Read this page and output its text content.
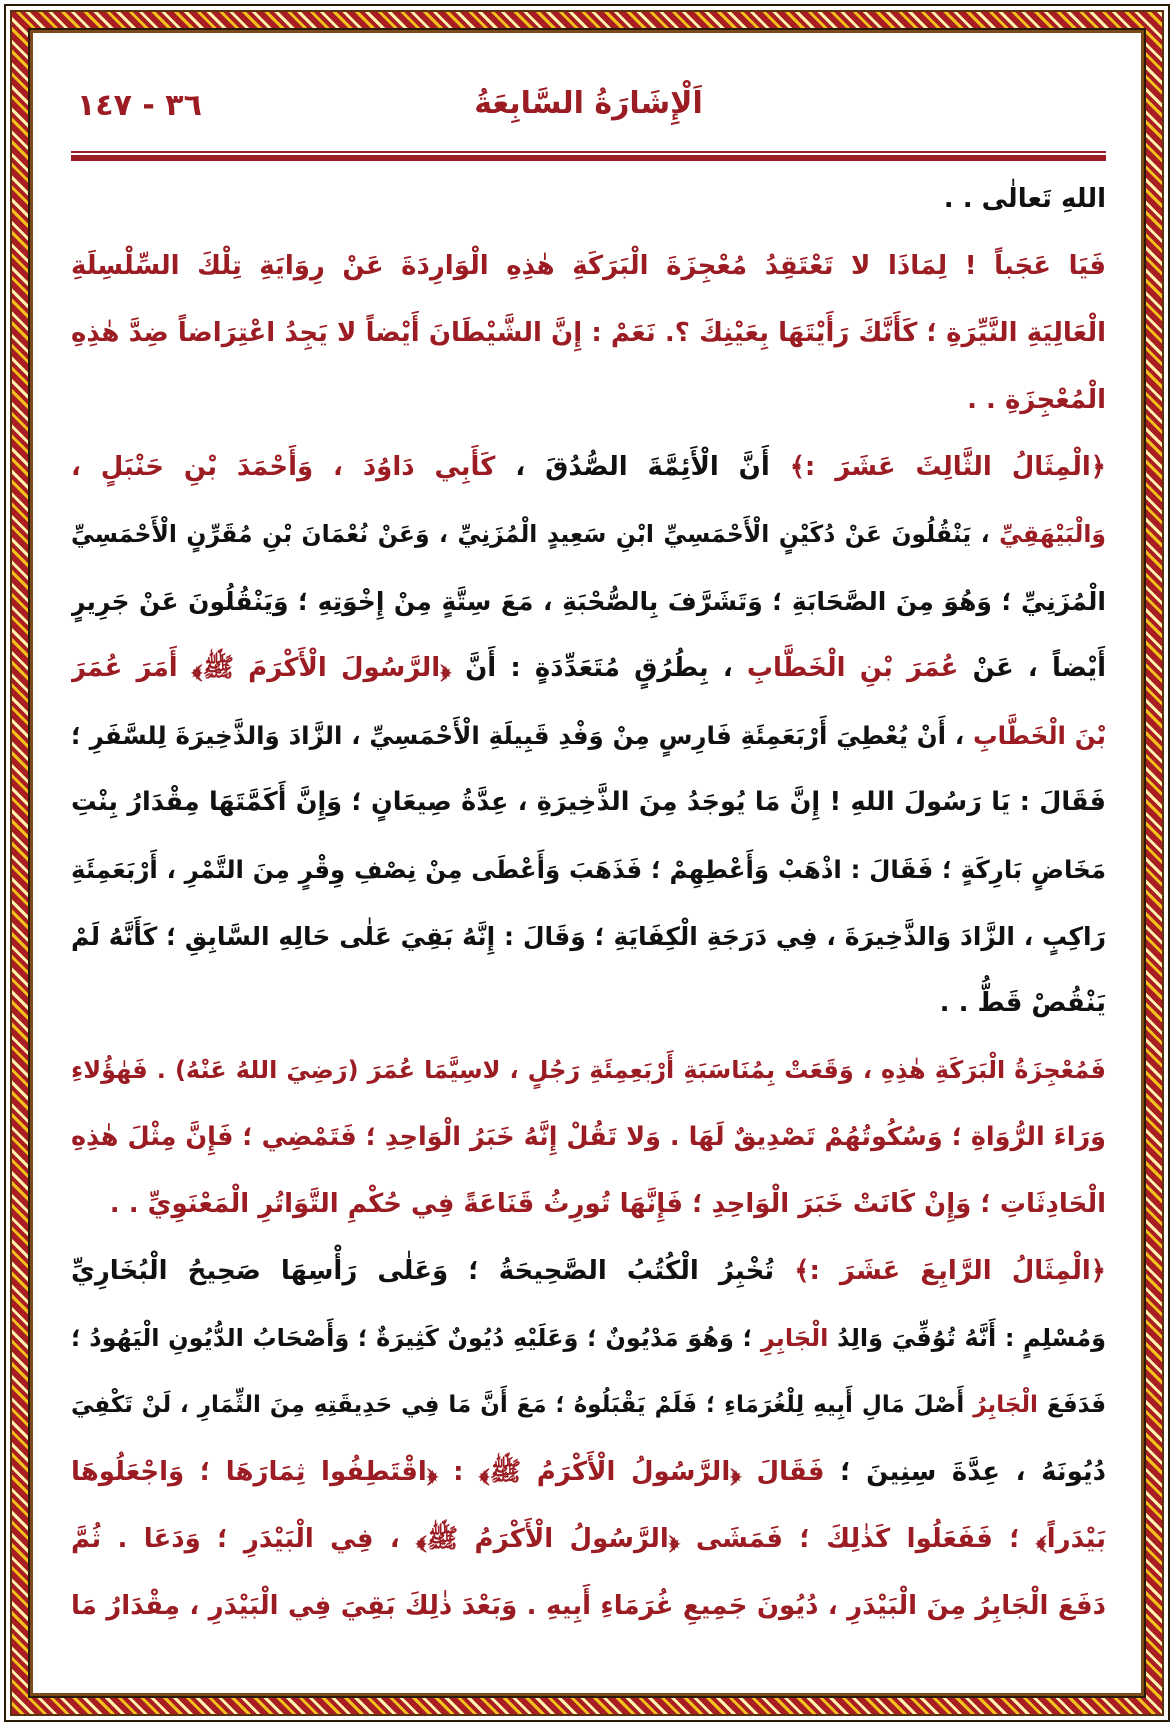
اَلْإِشَارَةُ السَّابِعَةُ
٣٦ - ١٤٧
اللهِ تَعالٰى . .
فَيَا عَجَباً ! لِمَاذَا لا تَعْتَقِدُ مُعْجِزَةَ الْبَرَكَةِ هٰذِهِ الْوَارِدَةَ عَنْ رِوَايَةِ تِلْكَ السِّلْسِلَةِ
الْعَالِيَةِ النَّيِّرَةِ ؛ كَأَنَّكَ رَأَيْتَهَا بِعَيْنِكَ ؟. نَعَمْ : إِنَّ الشَّيْطَانَ أَيْضاً لا يَجِدُ اعْتِرَاضاً ضِدَّ هٰذِهِ
الْمُعْجِزَةِ . .
﴿الْمِثَالُ الثَّالِثَ عَشَرَ :﴾ أَنَّ الْأَئِمَّةَ الصُّدُقَ ، كَأَبِي دَاوُدَ ، وَأَحْمَدَ بْنِ حَنْبَلٍ ،
وَالْبَيْهَقِيِّ ، يَنْقُلُونَ عَنْ دُكَيْنٍ الْأَحْمَسِيِّ ابْنِ سَعِيدٍ الْمُزَنِيِّ ، وَعَنْ نُعْمَانَ بْنِ مُقَرِّنٍ الْأَحْمَسِيِّ
الْمُزَنِيِّ ؛ وَهُوَ مِنَ الصَّحَابَةِ ؛ وَتَشَرَّفَ بِالصُّحْبَةِ ، مَعَ سِتَّةٍ مِنْ إِخْوَتِهِ ؛ وَيَنْقُلُونَ عَنْ جَرِيرٍ
أَيْضاً ، عَنْ عُمَرَ بْنِ الْخَطَّابِ ، بِطُرُقٍ مُتَعَدِّدَةٍ : أَنَّ ﴿الرَّسُولَ الْأَكْرَمَ ﷺ﴾ أَمَرَ عُمَرَ
بْنَ الْخَطَّابِ ، أَنْ يُعْطِيَ أَرْبَعَمِئَةِ فَارِسٍ مِنْ وَفْدِ قَبِيلَةِ الْأَحْمَسِيِّ ، الزَّادَ وَالذَّخِيرَةَ لِلسَّفَرِ ؛
فَقَالَ : يَا رَسُولَ اللهِ ! إِنَّ مَا يُوجَدُ مِنَ الذَّخِيرَةِ ، عِدَّةُ صِيعَانٍ ؛ وَإِنَّ أَكَمَّتَهَا مِقْدَارُ بِنْتِ
مَخَاضٍ بَارِكَةٍ ؛ فَقَالَ : اذْهَبْ وَأَعْطِهِمْ ؛ فَذَهَبَ وَأَعْطَى مِنْ نِصْفِ وِقْرٍ مِنَ التَّمْرِ ، أَرْبَعَمِئَةِ
رَاكِبٍ ، الزَّادَ وَالذَّخِيرَةَ ، فِي دَرَجَةِ الْكِفَايَةِ ؛ وَقَالَ : إِنَّهُ بَقِيَ عَلٰى حَالِهِ السَّابِقِ ؛ كَأَنَّهُ لَمْ
يَنْقُصْ قَطُّ . .
فَمُعْجِزَةُ الْبَرَكَةِ هٰذِهِ ، وَقَعَتْ بِمُنَاسَبَةِ أَرْبَعِمِئَةِ رَجُلٍ ، لاسِيَّمَا عُمَرَ (رَضِيَ اللهُ عَنْهُ) . فَهٰؤُلاءِ
وَرَاءَ الرُّوَاةِ ؛ وَسُكُوتُهُمْ تَصْدِيقٌ لَهَا . وَلا تَقُلْ إِنَّهُ خَبَرُ الْوَاحِدِ ؛ فَتَمْضِي ؛ فَإِنَّ مِثْلَ هٰذِهِ
الْحَادِثَاتِ ؛ وَإِنْ كَانَتْ خَبَرَ الْوَاحِدِ ؛ فَإِنَّهَا تُورِثُ قَنَاعَةً فِي حُكْمِ التَّوَاتُرِ الْمَعْنَوِيِّ . .
﴿الْمِثَالُ الرَّابِعَ عَشَرَ :﴾ تُخْبِرُ الْكُتُبُ الصَّحِيحَةُ ؛ وَعَلٰى رَأْسِهَا صَحِيحُ الْبُخَارِيِّ
وَمُسْلِمٍ : أَنَّهُ تُوُفِّيَ وَالِدُ الْجَابِرِ ؛ وَهُوَ مَدْيُونٌ ؛ وَعَلَيْهِ دُيُونٌ كَثِيرَةٌ ؛ وَأَصْحَابُ الدُّيُونِ الْيَهُودُ ؛
فَدَفَعَ الْجَابِرُ أَصْلَ مَالِ أَبِيهِ لِلْغُرَمَاءِ ؛ فَلَمْ يَقْبَلُوهُ ؛ مَعَ أَنَّ مَا فِي حَدِيقَتِهِ مِنَ الثِّمَارِ ، لَنْ تَكْفِيَ
دُيُونَهُ ، عِدَّةَ سِنِينَ ؛ فَقَالَ ﴿الرَّسُولُ الْأَكْرَمُ ﷺ﴾ : ﴿اقْتَطِفُوا ثِمَارَهَا ؛ وَاجْعَلُوهَا
بَيْدَراً﴾ ؛ فَفَعَلُوا كَذٰلِكَ ؛ فَمَشَى ﴿الرَّسُولُ الْأَكْرَمُ ﷺ﴾ ، فِي الْبَيْدَرِ ؛ وَدَعَا . ثُمَّ
دَفَعَ الْجَابِرُ مِنَ الْبَيْدَرِ ، دُيُونَ جَمِيعِ غُرَمَاءِ أَبِيهِ . وَبَعْدَ ذٰلِكَ بَقِيَ فِي الْبَيْدَرِ ، مِقْدَارُ مَا
